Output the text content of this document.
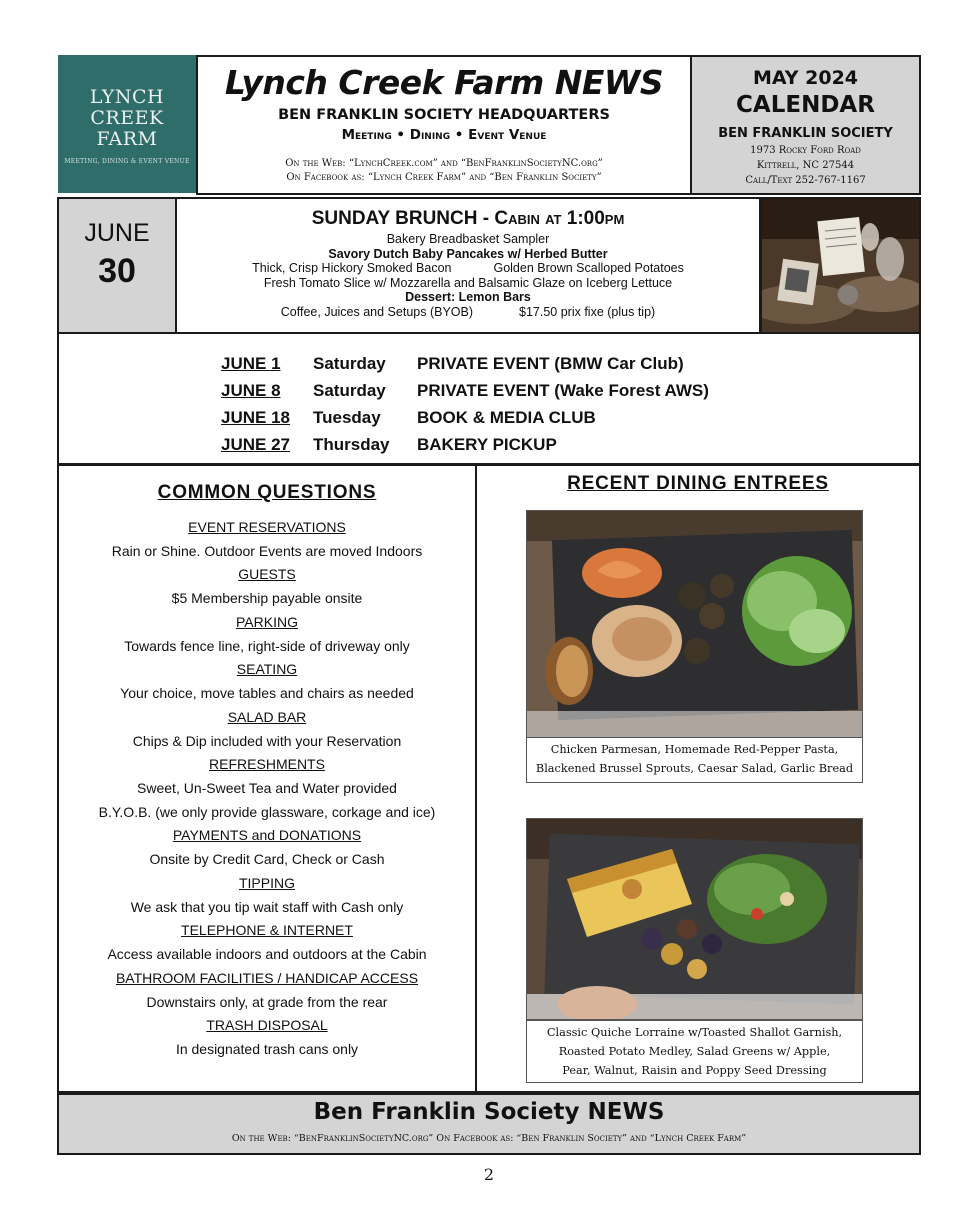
LYNCH
CREEK
FARM
MEETING, DINING & EVENT VENUE
Lynch Creek Farm NEWS
BEN FRANKLIN SOCIETY HEADQUARTERS
Meeting • Dining • Event Venue
On the Web: “LynchCreek.com” and “BenFranklinSocietyNC.org”
On Facebook as: “Lynch Creek Farm” and “Ben Franklin Society”
MAY 2024
CALENDAR
BEN FRANKLIN SOCIETY
1973 Rocky Ford Road
Kittrell, NC 27544
Call/Text 252-767-1167
JUNE
30
SUNDAY BRUNCH - Cabin at 1:00pm
Bakery Breadbasket Sampler
Savory Dutch Baby Pancakes w/ Herbed Butter
Thick, Crisp Hickory Smoked Bacon	Golden Brown Scalloped Potatoes
Fresh Tomato Slice w/ Mozzarella and Balsamic Glaze on Iceberg Lettuce
Dessert: Lemon Bars
Coffee, Juices and Setups (BYOB)	$17.50 prix fixe (plus tip)
JUNE 1 Saturday PRIVATE EVENT (BMW Car Club)
JUNE 8 Saturday PRIVATE EVENT (Wake Forest AWS)
JUNE 18 Tuesday BOOK & MEDIA CLUB
JUNE 27 Thursday BAKERY PICKUP
COMMON QUESTIONS
EVENT RESERVATIONS
Rain or Shine. Outdoor Events are moved Indoors
GUESTS
$5 Membership payable onsite
PARKING
Towards fence line, right-side of driveway only
SEATING
Your choice, move tables and chairs as needed
SALAD BAR
Chips & Dip included with your Reservation
REFRESHMENTS
Sweet, Un-Sweet Tea and Water provided
B.Y.O.B. (we only provide glassware, corkage and ice)
PAYMENTS and DONATIONS
Onsite by Credit Card, Check or Cash
TIPPING
We ask that you tip wait staff with Cash only
TELEPHONE & INTERNET
Access available indoors and outdoors at the Cabin
BATHROOM FACILITIES / HANDICAP ACCESS
Downstairs only, at grade from the rear
TRASH DISPOSAL
In designated trash cans only
RECENT DINING ENTREES
Chicken Parmesan, Homemade Red-Pepper Pasta,
Blackened Brussel Sprouts, Caesar Salad, Garlic Bread
Classic Quiche Lorraine w/Toasted Shallot Garnish,
Roasted Potato Medley, Salad Greens w/ Apple,
Pear, Walnut, Raisin and Poppy Seed Dressing
Ben Franklin Society NEWS
On the Web: “BenFranklinSocietyNC.org” On Facebook as: “Ben Franklin Society” and “Lynch Creek Farm”
2
